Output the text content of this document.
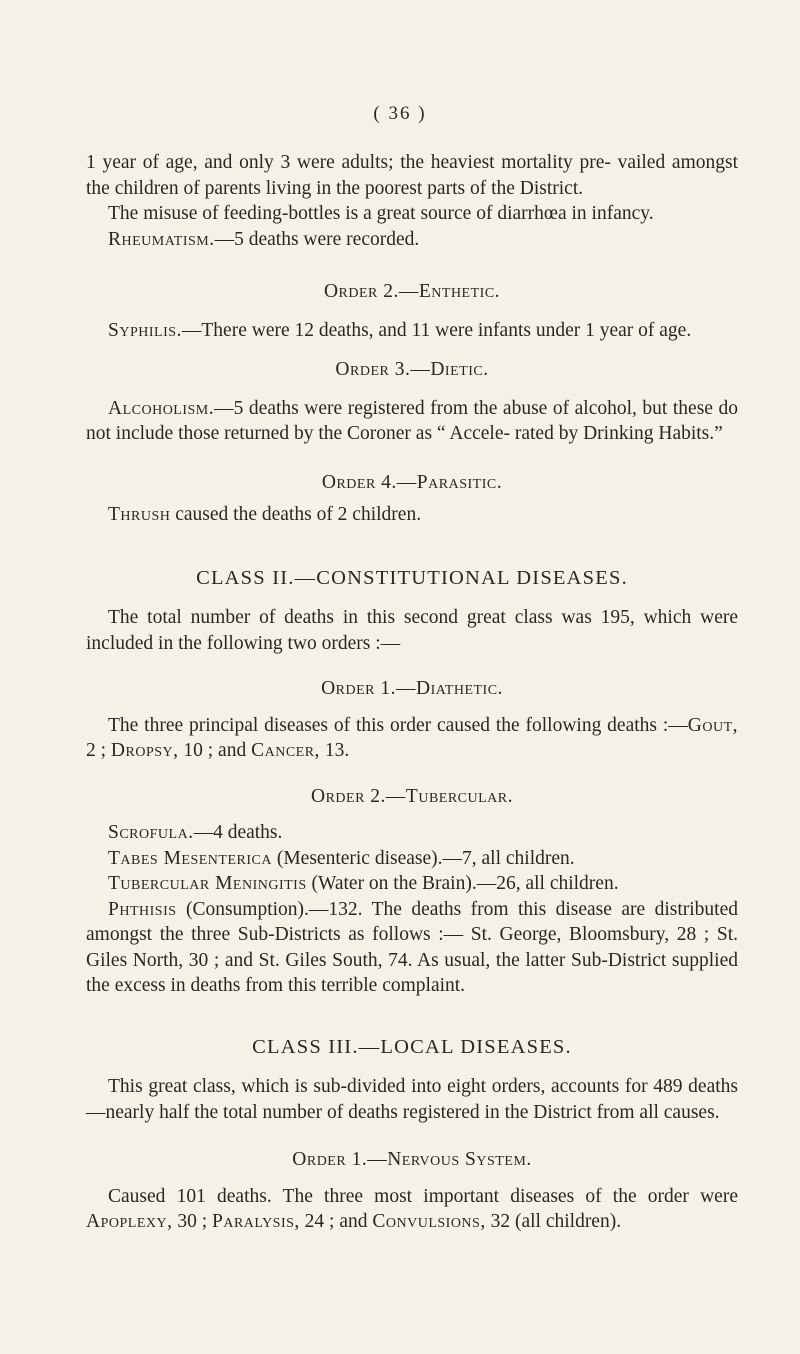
( 36 )

1 year of age, and only 3 were adults; the heaviest mortality pre- vailed amongst the children of parents living in the poorest parts of the District.

The misuse of feeding-bottles is a great source of diarrhœa in infancy.

Rheumatism.—5 deaths were recorded.

Order 2.—Enthetic.

Syphilis.—There were 12 deaths, and 11 were infants under 1 year of age.

Order 3.—Dietic.

Alcoholism.—5 deaths were registered from the abuse of alcohol, but these do not include those returned by the Coroner as “ Accele- rated by Drinking Habits.”

Order 4.—Parasitic.

Thrush caused the deaths of 2 children.

CLASS II.—CONSTITUTIONAL DISEASES.

The total number of deaths in this second great class was 195, which were included in the following two orders :—

Order 1.—Diathetic.

The three principal diseases of this order caused the following deaths :—Gout, 2 ; Dropsy, 10 ; and Cancer, 13.

Order 2.—Tubercular.

Scrofula.—4 deaths.

Tabes Mesenterica (Mesenteric disease).—7, all children.

Tubercular Meningitis (Water on the Brain).—26, all children.

Phthisis (Consumption).—132. The deaths from this disease are distributed amongst the three Sub-Districts as follows :— St. George, Bloomsbury, 28 ; St. Giles North, 30 ; and St. Giles South, 74. As usual, the latter Sub-District supplied the excess in deaths from this terrible complaint.

CLASS III.—LOCAL DISEASES.

This great class, which is sub-divided into eight orders, accounts for 489 deaths—nearly half the total number of deaths registered in the District from all causes.

Order 1.—Nervous System.

Caused 101 deaths. The three most important diseases of the order were Apoplexy, 30 ; Paralysis, 24 ; and Convulsions, 32 (all children).
